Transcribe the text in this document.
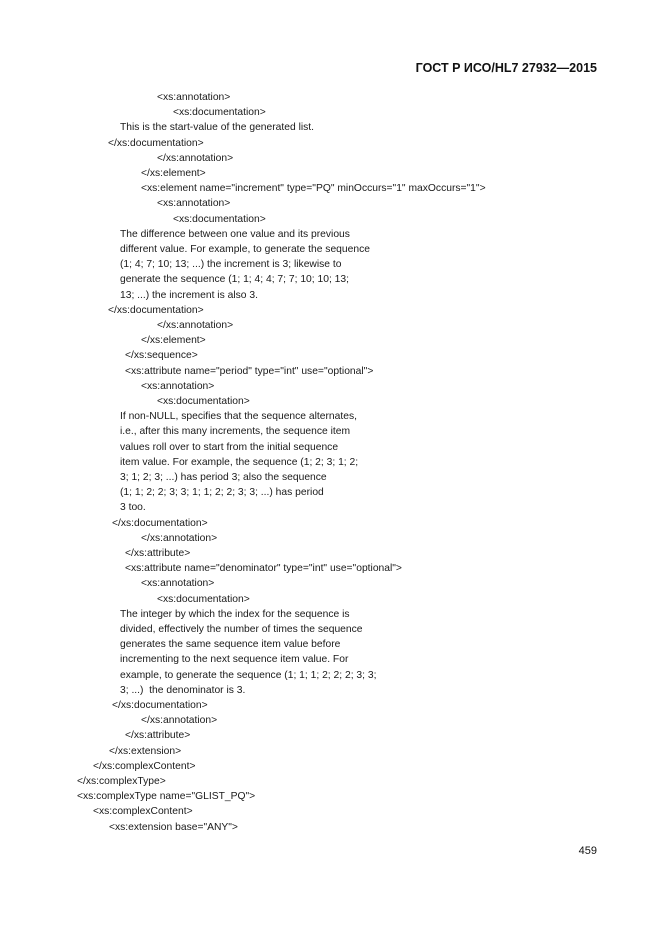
ГОСТ Р ИСО/HL7 27932—2015
<xs:annotation>
<xs:documentation>
This is the start-value of the generated list.
</xs:documentation>
</xs:annotation>
</xs:element>
<xs:element name="increment" type="PQ" minOccurs="1" maxOccurs="1">
<xs:annotation>
<xs:documentation>
The difference between one value and its previous
different value. For example, to generate the sequence
(1; 4; 7; 10; 13; ...) the increment is 3; likewise to
generate the sequence (1; 1; 4; 4; 7; 7; 10; 10; 13;
13; ...) the increment is also 3.
</xs:documentation>
</xs:annotation>
</xs:element>
</xs:sequence>
<xs:attribute name="period" type="int" use="optional">
<xs:annotation>
<xs:documentation>
If non-NULL, specifies that the sequence alternates,
i.e., after this many increments, the sequence item
values roll over to start from the initial sequence
item value. For example, the sequence (1; 2; 3; 1; 2;
3; 1; 2; 3; ...) has period 3; also the sequence
(1; 1; 2; 2; 3; 3; 1; 1; 2; 2; 3; 3; ...) has period
3 too.
</xs:documentation>
</xs:annotation>
</xs:attribute>
<xs:attribute name="denominator" type="int" use="optional">
<xs:annotation>
<xs:documentation>
The integer by which the index for the sequence is
divided, effectively the number of times the sequence
generates the same sequence item value before
incrementing to the next sequence item value. For
example, to generate the sequence (1; 1; 1; 2; 2; 2; 3; 3;
3; ...)  the denominator is 3.
</xs:documentation>
</xs:annotation>
</xs:attribute>
</xs:extension>
</xs:complexContent>
</xs:complexType>
<xs:complexType name="GLIST_PQ">
<xs:complexContent>
<xs:extension base="ANY">
459
